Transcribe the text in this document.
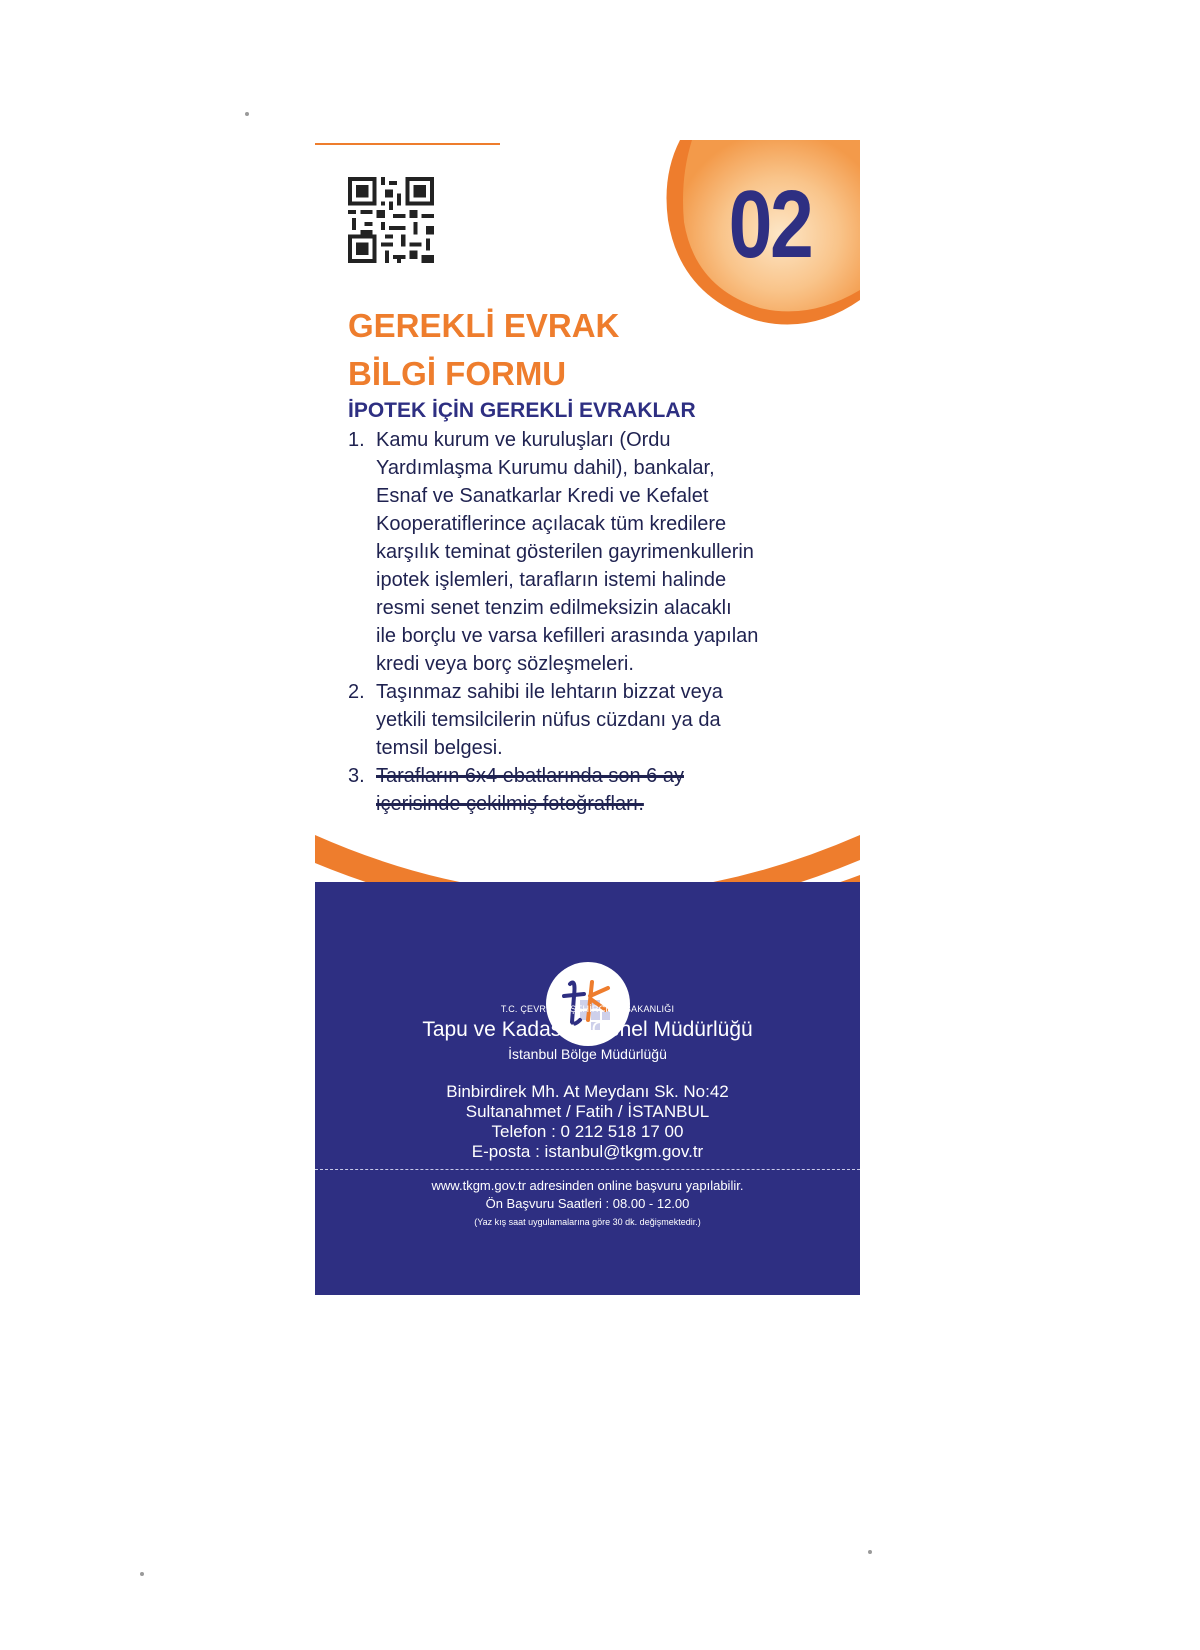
02
GEREKLİ EVRAK
BİLGİ FORMU
İPOTEK İÇİN GEREKLİ EVRAKLAR
1. Kamu kurum ve kuruluşları (Ordu
Yardımlaşma Kurumu dahil), bankalar,
Esnaf ve Sanatkarlar Kredi ve Kefalet
Kooperatiflerince açılacak tüm kredilere
karşılık teminat gösterilen gayrimenkullerin
ipotek işlemleri, tarafların istemi halinde
resmi senet tenzim edilmeksizin alacaklı
ile borçlu ve varsa kefilleri arasında yapılan
kredi veya borç sözleşmeleri.
2. Taşınmaz sahibi ile lehtarın bizzat veya
yetkili temsilcilerin nüfus cüzdanı ya da
temsil belgesi.
3. Tarafların 6x4 ebatlarında son 6 ay
içerisinde çekilmiş fotoğrafları.
T.C. ÇEVRE VE ŞEHİRCİLİK BAKANLIĞI
Tapu ve Kadastro Genel Müdürlüğü
İstanbul Bölge Müdürlüğü
Binbirdirek Mh. At Meydanı Sk. No:42
Sultanahmet / Fatih / İSTANBUL
Telefon : 0 212 518 17 00
E-posta : istanbul@tkgm.gov.tr
www.tkgm.gov.tr adresinden online başvuru yapılabilir.
Ön Başvuru Saatleri : 08.00 - 12.00
(Yaz kış saat uygulamalarına göre 30 dk. değişmektedir.)
